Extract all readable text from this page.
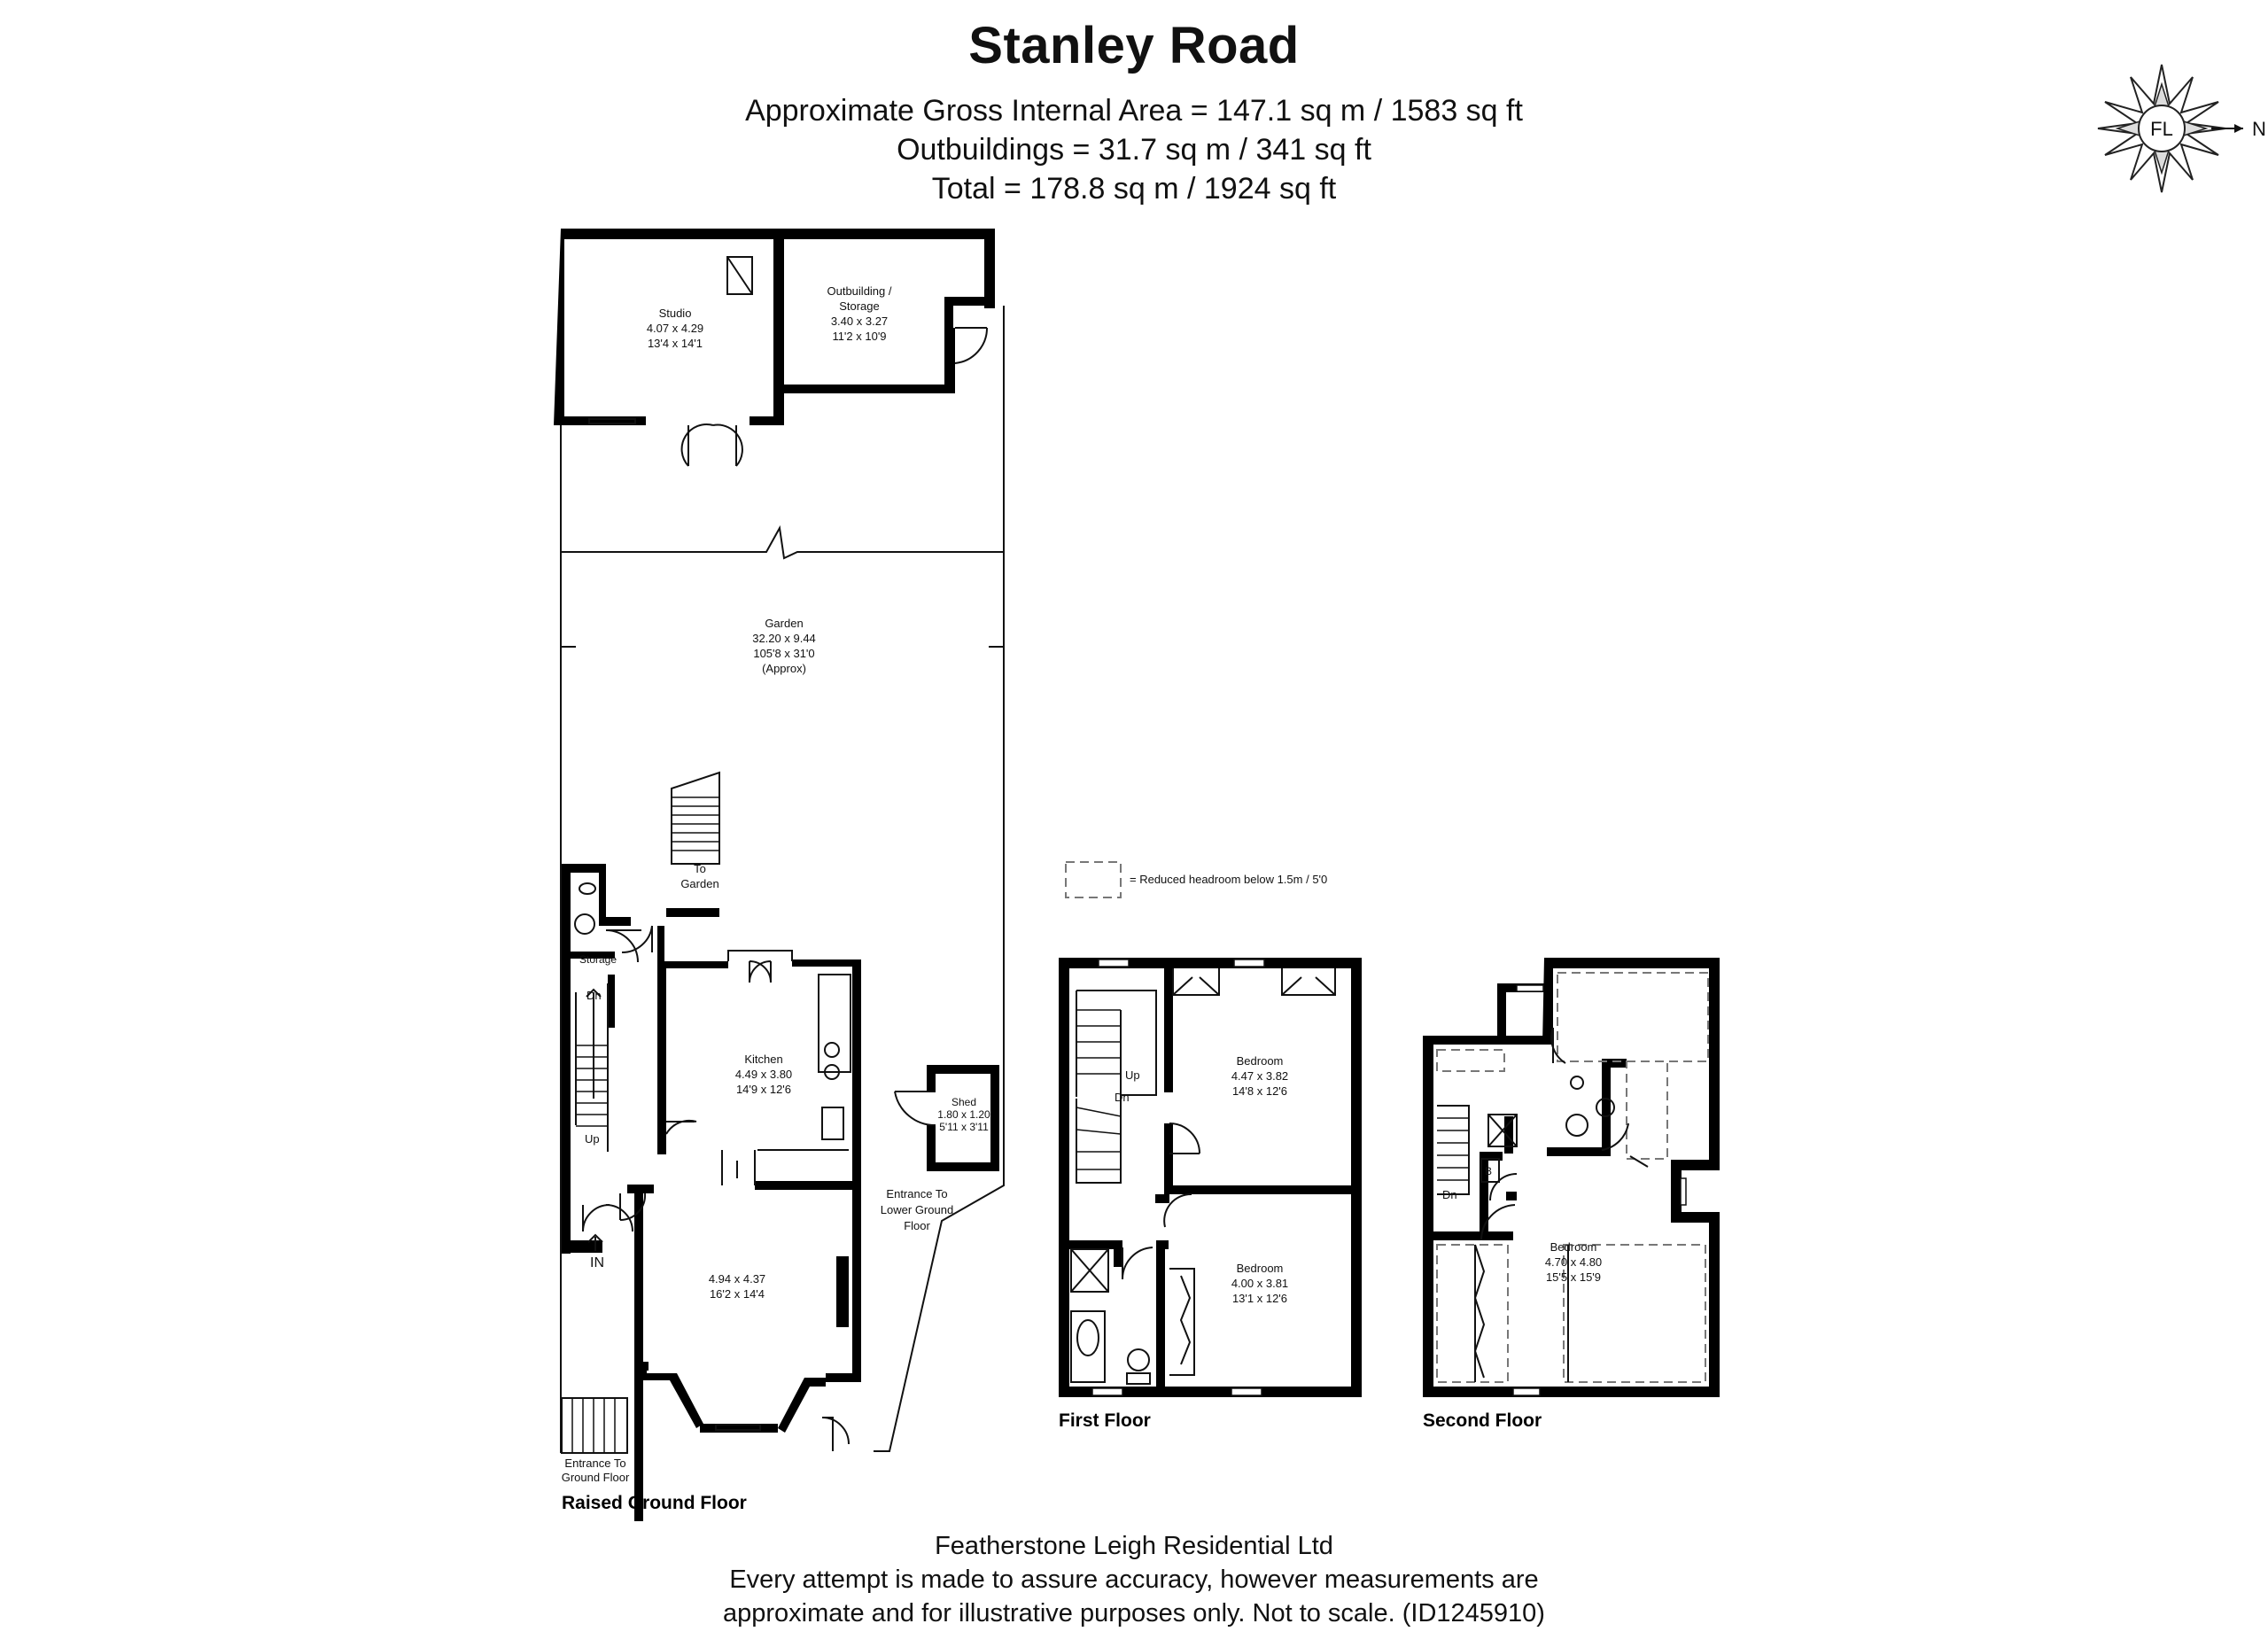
Stanley Road
Approximate Gross Internal Area = 147.1 sq m / 1583 sq ft
Outbuildings = 31.7 sq m / 341 sq ft
Total = 178.8 sq m / 1924 sq ft
FL	N
= Reduced headroom below 1.5m / 5'0
Studio
4.07 x 4.29
13'4 x 14'1
Outbuilding /
Storage
3.40 x 3.27
11'2 x 10'9
Garden
32.20 x 9.44
105'8 x 31'0
(Approx)
To
Garden
Storage
Dn
Up
IN
Entrance To
Ground Floor
Kitchen
4.49 x 3.80
14'9 x 12'6
4.94 x 4.37
16'2 x 14'4
Shed
1.80 x 1.20
5'11 x 3'11
Entrance To
Lower Ground
Floor
Raised Ground Floor
Up
Dn
Bedroom
4.47 x 3.82
14'8 x 12'6
Bedroom
4.00 x 3.81
13'1 x 12'6
First Floor
B
Dn
Bedroom
4.70 x 4.80
15'5 x 15'9
Second Floor
Featherstone Leigh Residential Ltd
Every attempt is made to assure accuracy, however measurements are
approximate and for illustrative purposes only. Not to scale. (ID1245910)
